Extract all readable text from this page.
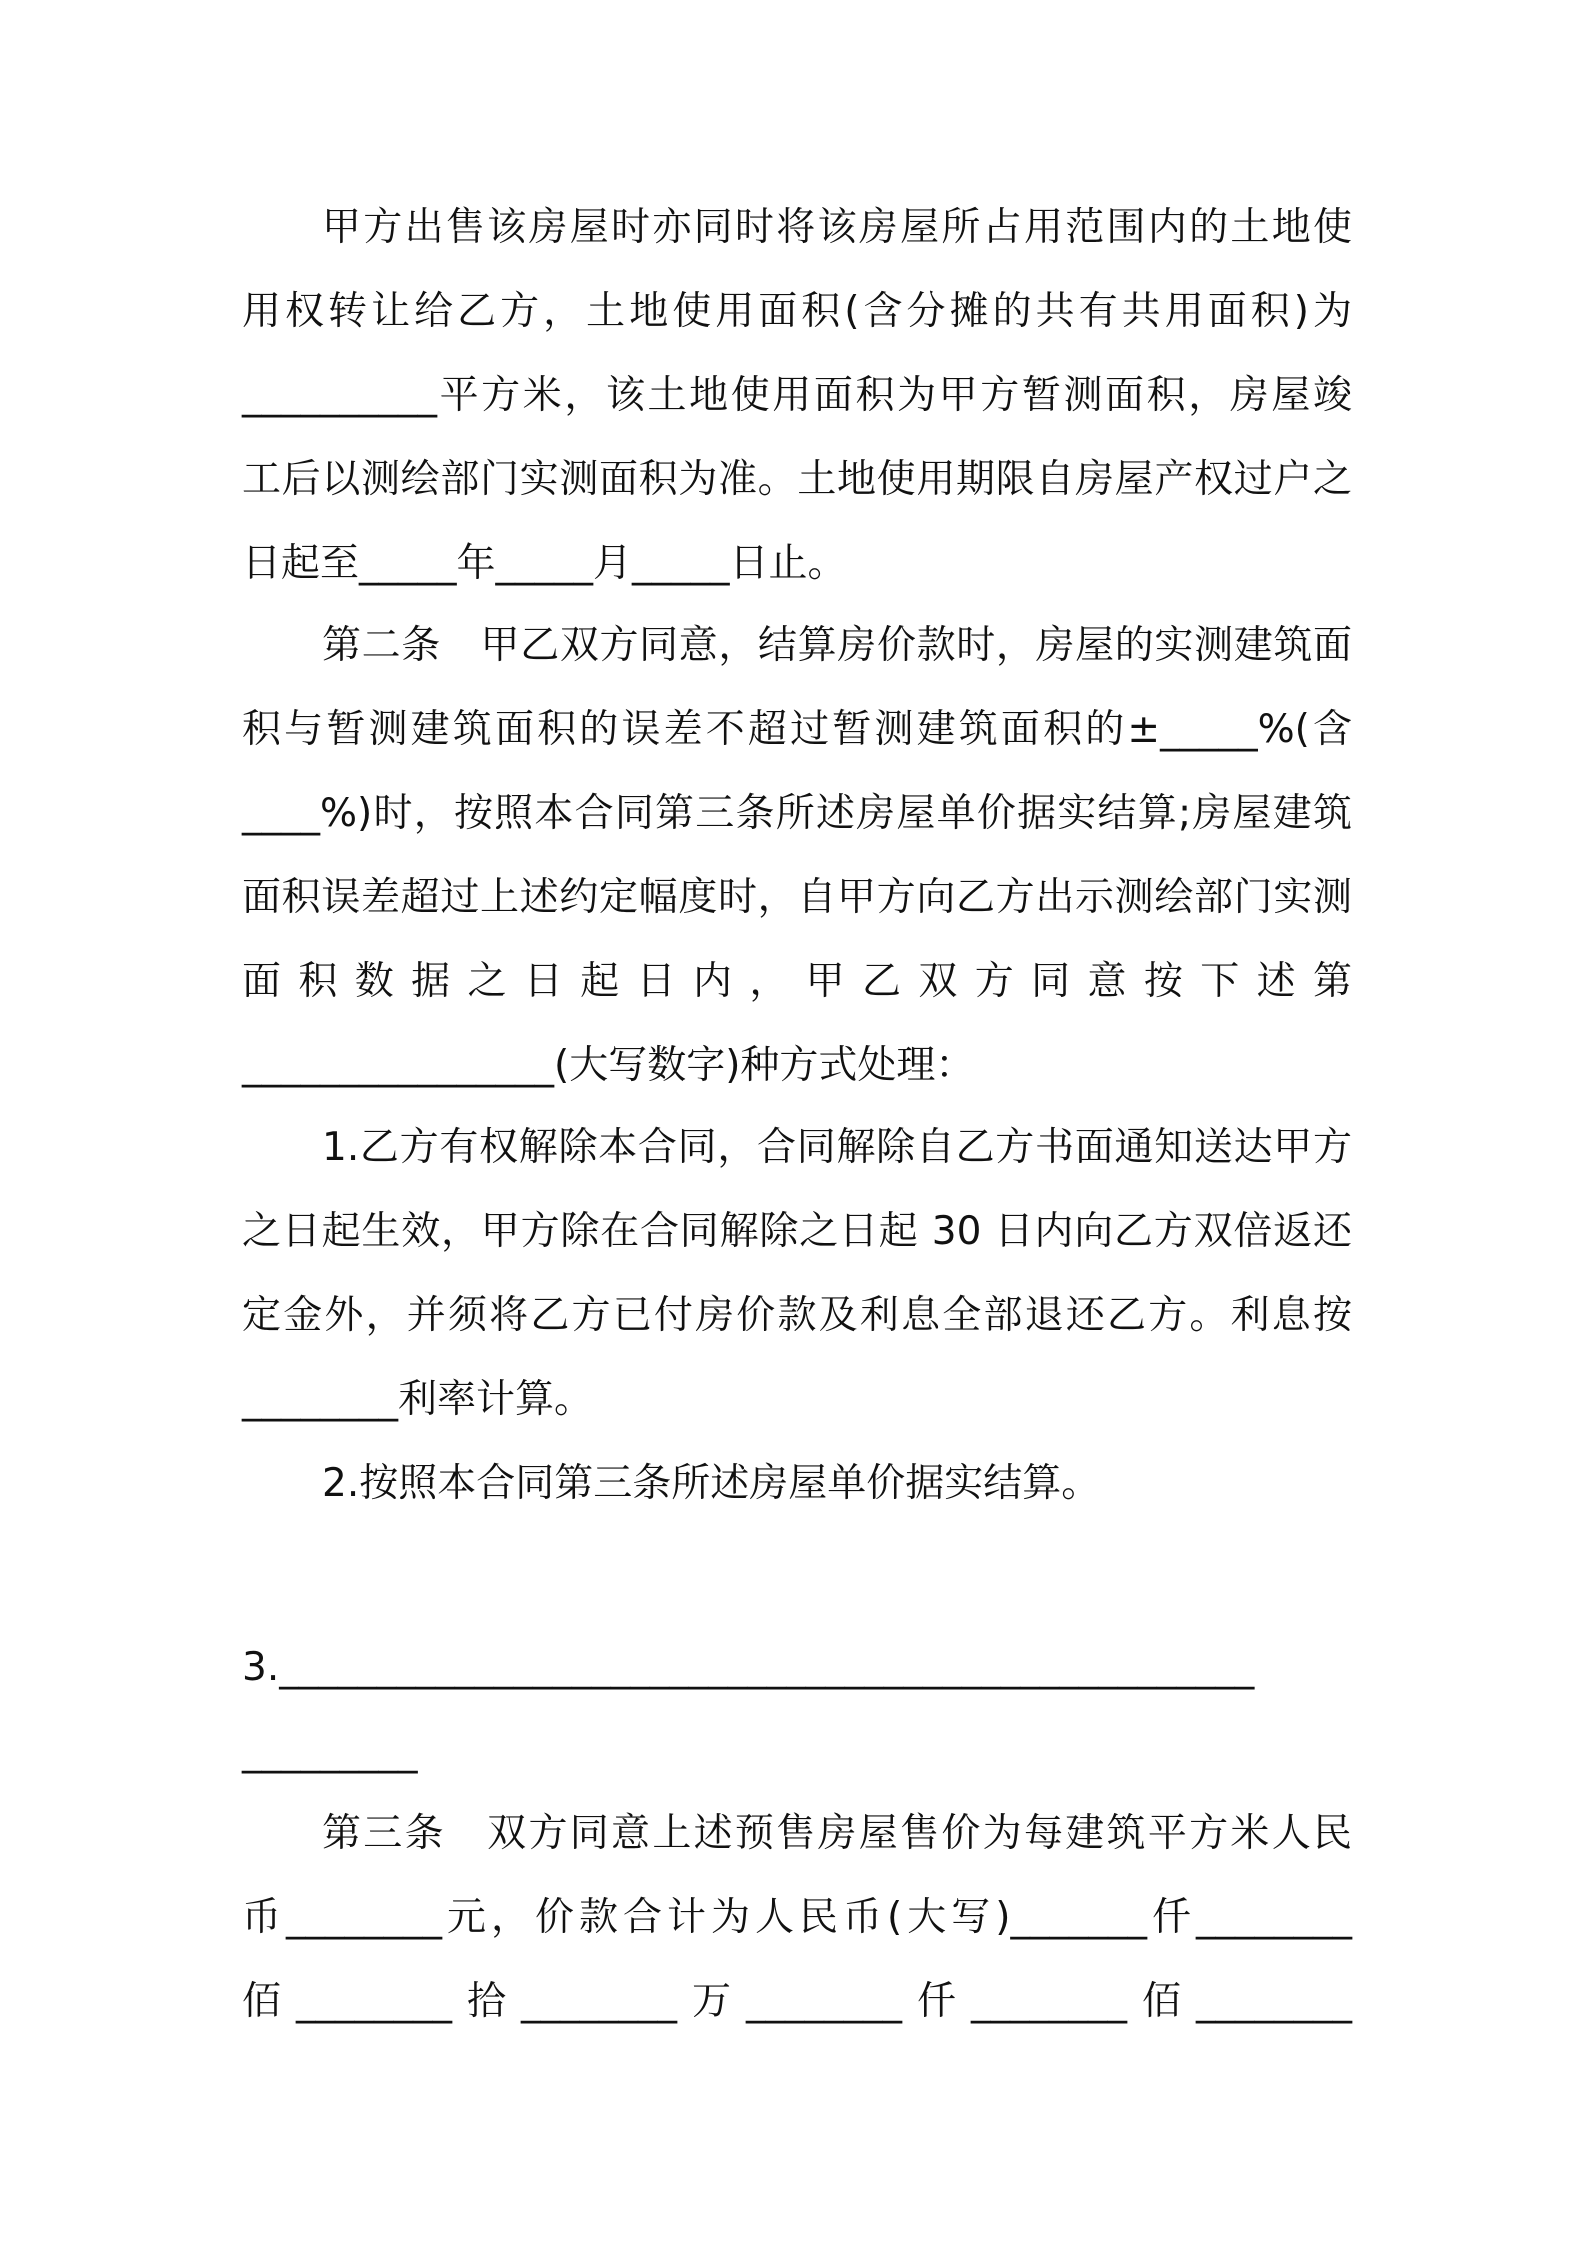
甲方出售该房屋时亦同时将该房屋所占用范围内的土地使
用权转让给乙方，土地使用面积(含分摊的共有共用面积)为
__________平方米，该土地使用面积为甲方暂测面积，房屋竣
工后以测绘部门实测面积为准。土地使用期限自房屋产权过户之
日起至_____年_____月_____日止。
第二条　甲乙双方同意，结算房价款时，房屋的实测建筑面
积与暂测建筑面积的误差不超过暂测建筑面积的±_____%(含
____%)时，按照本合同第三条所述房屋单价据实结算;房屋建筑
面积误差超过上述约定幅度时，自甲方向乙方出示测绘部门实测
面 积 数 据 之 日 起 日 内 ， 甲 乙 双 方 同 意 按 下 述 第
________________(大写数字)种方式处理：
1.乙方有权解除本合同，合同解除自乙方书面通知送达甲方
之日起生效，甲方除在合同解除之日起 30 日内向乙方双倍返还
定金外，并须将乙方已付房价款及利息全部退还乙方。利息按
________利率计算。
2.按照本合同第三条所述房屋单价据实结算。
3.__________________________________________________
_________
第三条　双方同意上述预售房屋售价为每建筑平方米人民
币________元，价款合计为人民币(大写)_______仟________
佰________拾________万________仟________佰________
